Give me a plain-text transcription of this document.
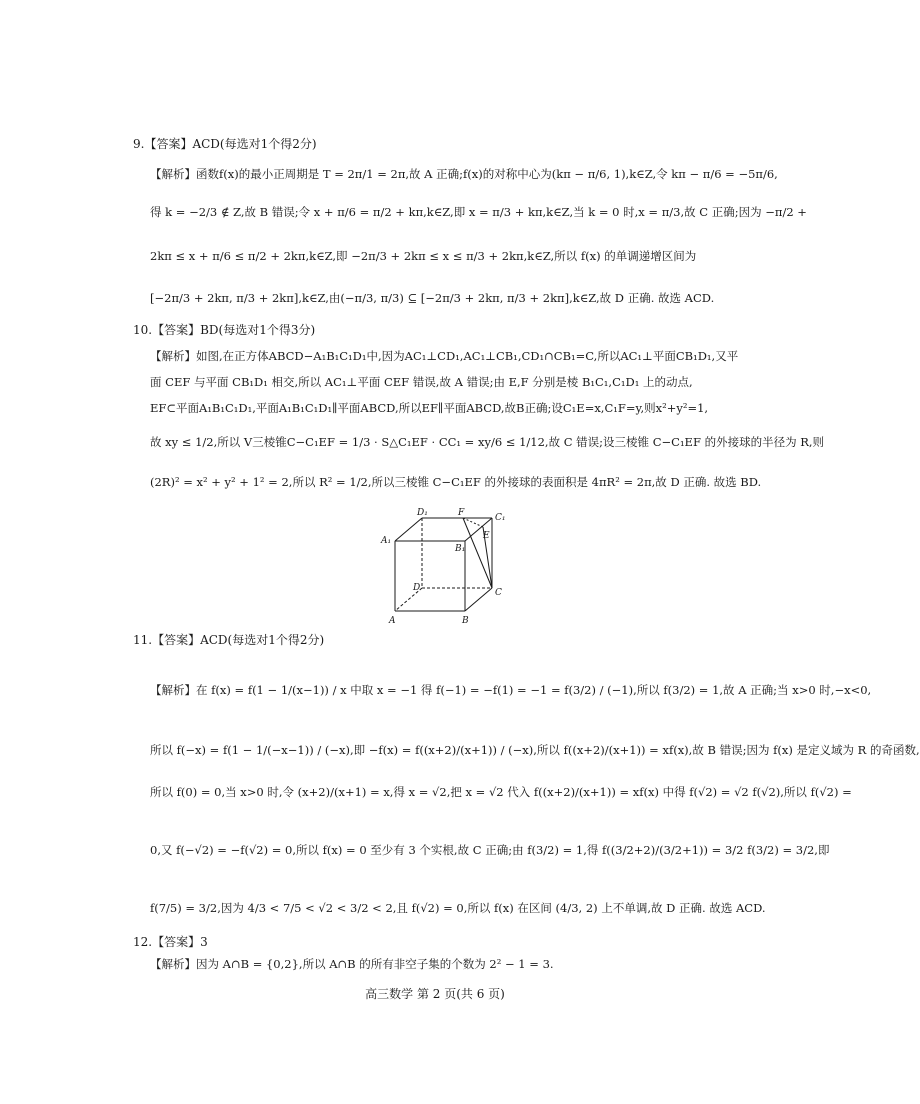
9.【答案】ACD(每选对1个得2分)
【解析】函数f(x)的最小正周期是 T = 2π/1 = 2π,故 A 正确;f(x)的对称中心为(kπ − π/6, 1),k∈Z,令 kπ − π/6 = −5π/6,
得 k = −2/3 ∉ Z,故 B 错误;令 x + π/6 = π/2 + kπ,k∈Z,即 x = π/3 + kπ,k∈Z,当 k = 0 时,x = π/3,故 C 正确;因为 −π/2 +
2kπ ≤ x + π/6 ≤ π/2 + 2kπ,k∈Z,即 −2π/3 + 2kπ ≤ x ≤ π/3 + 2kπ,k∈Z,所以 f(x) 的单调递增区间为
[−2π/3 + 2kπ, π/3 + 2kπ],k∈Z,由(−π/3, π/3) ⊆ [−2π/3 + 2kπ, π/3 + 2kπ],k∈Z,故 D 正确. 故选 ACD.
10.【答案】BD(每选对1个得3分)
【解析】如图,在正方体ABCD−A₁B₁C₁D₁中,因为AC₁⊥CD₁,AC₁⊥CB₁,CD₁∩CB₁=C,所以AC₁⊥平面CB₁D₁,又平
面 CEF 与平面 CB₁D₁ 相交,所以 AC₁⊥平面 CEF 错误,故 A 错误;由 E,F 分别是棱 B₁C₁,C₁D₁ 上的动点,
EF⊂平面A₁B₁C₁D₁,平面A₁B₁C₁D₁∥平面ABCD,所以EF∥平面ABCD,故B正确;设C₁E=x,C₁F=y,则x²+y²=1,
故 xy ≤ 1/2,所以 V三棱锥C−C₁EF = 1/3 · S△C₁EF · CC₁ = xy/6 ≤ 1/12,故 C 错误;设三棱锥 C−C₁EF 的外接球的半径为 R,则
(2R)² = x² + y² + 1² = 2,所以 R² = 1/2,所以三棱锥 C−C₁EF 的外接球的表面积是 4πR² = 2π,故 D 正确. 故选 BD.
D₁	F	C₁
A₁	E
B₁
D	C
A	B
11.【答案】ACD(每选对1个得2分)
【解析】在 f(x) = f(1 − 1/(x−1)) / x 中取 x = −1 得 f(−1) = −f(1) = −1 = f(3/2) / (−1),所以 f(3/2) = 1,故 A 正确;当 x>0 时,−x<0,
所以 f(−x) = f(1 − 1/(−x−1)) / (−x),即 −f(x) = f((x+2)/(x+1)) / (−x),所以 f((x+2)/(x+1)) = xf(x),故 B 错误;因为 f(x) 是定义域为 R 的奇函数,
所以 f(0) = 0,当 x>0 时,令 (x+2)/(x+1) = x,得 x = √2,把 x = √2 代入 f((x+2)/(x+1)) = xf(x) 中得 f(√2) = √2 f(√2),所以 f(√2) =
0,又 f(−√2) = −f(√2) = 0,所以 f(x) = 0 至少有 3 个实根,故 C 正确;由 f(3/2) = 1,得 f((3/2+2)/(3/2+1)) = 3/2 f(3/2) = 3/2,即
f(7/5) = 3/2,因为 4/3 < 7/5 < √2 < 3/2 < 2,且 f(√2) = 0,所以 f(x) 在区间 (4/3, 2) 上不单调,故 D 正确. 故选 ACD.
12.【答案】3
【解析】因为 A∩B = {0,2},所以 A∩B 的所有非空子集的个数为 2² − 1 = 3.
高三数学 第 2 页(共 6 页)
